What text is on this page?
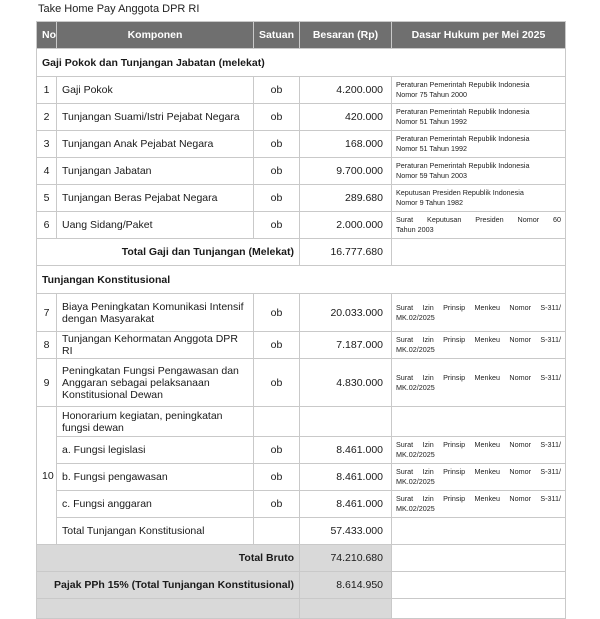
Take Home Pay Anggota DPR RI
No	Komponen	Satuan	Besaran (Rp)	Dasar Hukum per Mei 2025
Gaji Pokok dan Tunjangan Jabatan (melekat)				
1	Gaji Pokok	ob	4.200.000	Peraturan Pemerintah Republik Indonesia
Nomor 75 Tahun 2000

2	Tunjangan Suami/Istri Pejabat Negara	ob	420.000	Peraturan Pemerintah Republik Indonesia
Nomor 51 Tahun 1992

3	Tunjangan Anak Pejabat Negara	ob	168.000	Peraturan Pemerintah Republik Indonesia
Nomor 51 Tahun 1992

4	Tunjangan Jabatan	ob	9.700.000	Peraturan Pemerintah Republik Indonesia
Nomor 59 Tahun 2003

5	Tunjangan Beras Pejabat Negara	ob	289.680	Keputusan Presiden Republik Indonesia
Nomor 9 Tahun 1982

6	Uang Sidang/Paket	ob	2.000.000	Surat Keputusan Presiden Nomor 60
Tahun 2003

	Total Gaji dan Tunjangan (Melekat)		16.777.680	
Tunjangan Konstitusional				
7	Biaya Peningkatan Komunikasi Intensif dengan Masyarakat	ob	20.033.000	Surat Izin Prinsip Menkeu Nomor S-311/
MK.02/2025

8	Tunjangan Kehormatan Anggota DPR RI	ob	7.187.000	Surat Izin Prinsip Menkeu Nomor S-311/
MK.02/2025

9	Peningkatan Fungsi Pengawasan dan Anggaran sebagai pelaksanaan Konstitusional Dewan	ob	4.830.000	Surat Izin Prinsip Menkeu Nomor S-311/
MK.02/2025

10	Honorarium kegiatan, peningkatan fungsi dewan			
	a. Fungsi legislasi	ob	8.461.000	Surat Izin Prinsip Menkeu Nomor S-311/
MK.02/2025

	b. Fungsi pengawasan	ob	8.461.000	Surat Izin Prinsip Menkeu Nomor S-311/
MK.02/2025

	c. Fungsi anggaran	ob	8.461.000	Surat Izin Prinsip Menkeu Nomor S-311/
MK.02/2025

	Total Tunjangan Konstitusional		57.433.000	
Total Bruto			74.210.680	
Pajak PPh 15% (Total Tunjangan Konstitusional)			8.614.950	
